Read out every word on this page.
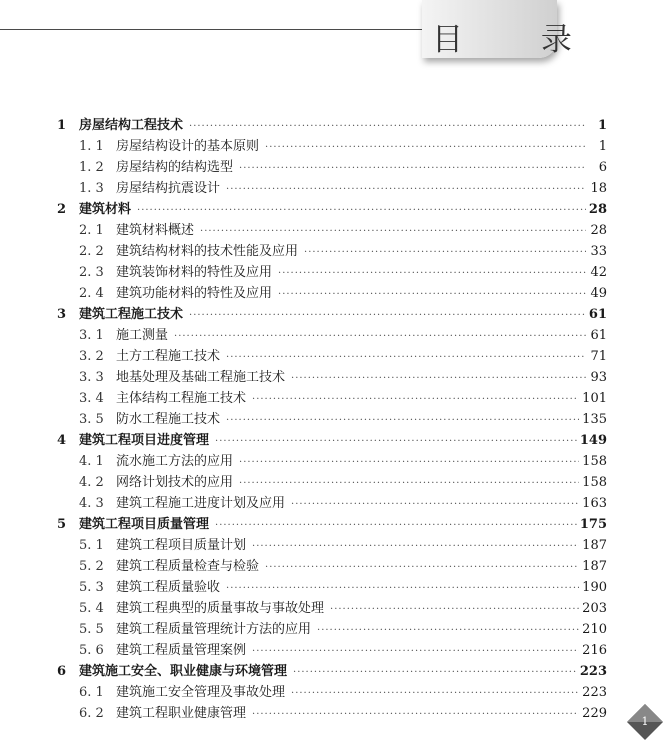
目 录
1 房屋结构工程技术 ·····	1
1. 1 房屋结构设计的基本原则 ·····	1
1. 2 房屋结构的结构选型 ·····	6
1. 3 房屋结构抗震设计 ·····	18
2 建筑材料 ·····	28
2. 1 建筑材料概述 ·····	28
2. 2 建筑结构材料的技术性能及应用 ·····	33
2. 3 建筑装饰材料的特性及应用 ·····	42
2. 4 建筑功能材料的特性及应用 ·····	49
3 建筑工程施工技术 ·····	61
3. 1 施工测量 ·····	61
3. 2 土方工程施工技术 ·····	71
3. 3 地基处理及基础工程施工技术 ·····	93
3. 4 主体结构工程施工技术 ·····	101
3. 5 防水工程施工技术 ·····	135
4 建筑工程项目进度管理 ·····	149
4. 1 流水施工方法的应用 ·····	158
4. 2 网络计划技术的应用 ·····	158
4. 3 建筑工程施工进度计划及应用 ·····	163
5 建筑工程项目质量管理 ·····	175
5. 1 建筑工程项目质量计划 ·····	187
5. 2 建筑工程质量检查与检验 ·····	187
5. 3 建筑工程质量验收 ·····	190
5. 4 建筑工程典型的质量事故与事故处理 ·····	203
5. 5 建筑工程质量管理统计方法的应用 ·····	210
5. 6 建筑工程质量管理案例 ·····	216
6 建筑施工安全、职业健康与环境管理 ·····	223
6. 1 建筑施工安全管理及事故处理 ·····	223
6. 2 建筑工程职业健康管理 ·····	229
1
